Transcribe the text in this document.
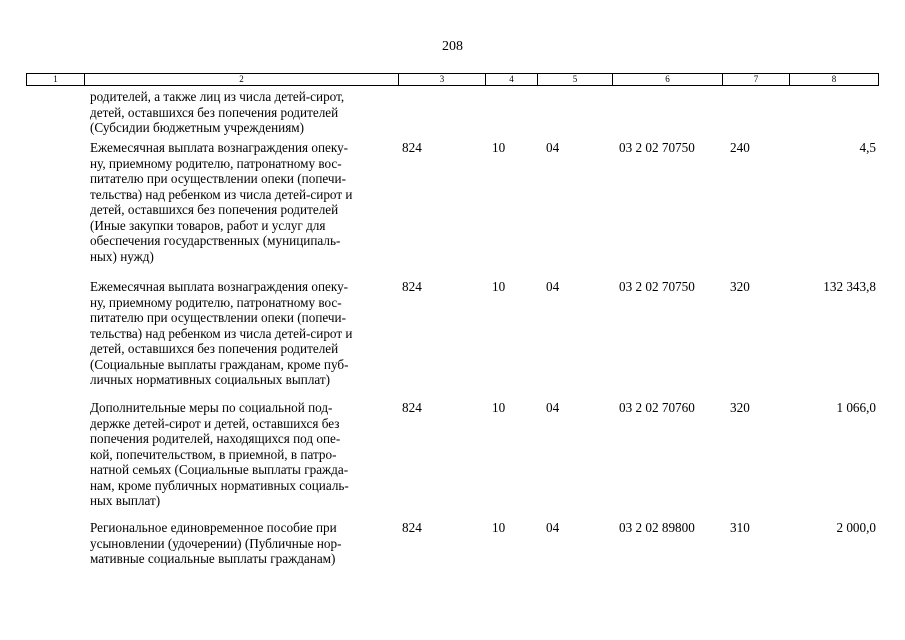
208
1	2	3	4	5	6	7	8
родителей, а также лиц из числа детей-сирот,
детей, оставшихся без попечения родителей
(Субсидии бюджетным учреждениям)
Ежемесячная выплата вознаграждения опеку-
ну, приемному родителю, патронатному вос-
питателю при осуществлении опеки (попечи-
тельства) над ребенком из числа детей-сирот и
детей, оставшихся без попечения родителей
(Иные закупки товаров, работ и услуг для
обеспечения государственных (муниципаль-
ных) нужд)
824	10	04	03 2 02 70750	240	4,5
Ежемесячная выплата вознаграждения опеку-
ну, приемному родителю, патронатному вос-
питателю при осуществлении опеки (попечи-
тельства) над ребенком из числа детей-сирот и
детей, оставшихся без попечения родителей
(Социальные выплаты гражданам, кроме пуб-
личных нормативных социальных выплат)
824	10	04	03 2 02 70750	320	132 343,8
Дополнительные меры по социальной под-
держке детей-сирот и детей, оставшихся без
попечения родителей, находящихся под опе-
кой, попечительством, в приемной, в патро-
натной семьях (Социальные выплаты гражда-
нам, кроме публичных нормативных социаль-
ных выплат)
824	10	04	03 2 02 70760	320	1 066,0
Региональное единовременное пособие при
усыновлении (удочерении) (Публичные нор-
мативные социальные выплаты гражданам)
824	10	04	03 2 02 89800	310	2 000,0
